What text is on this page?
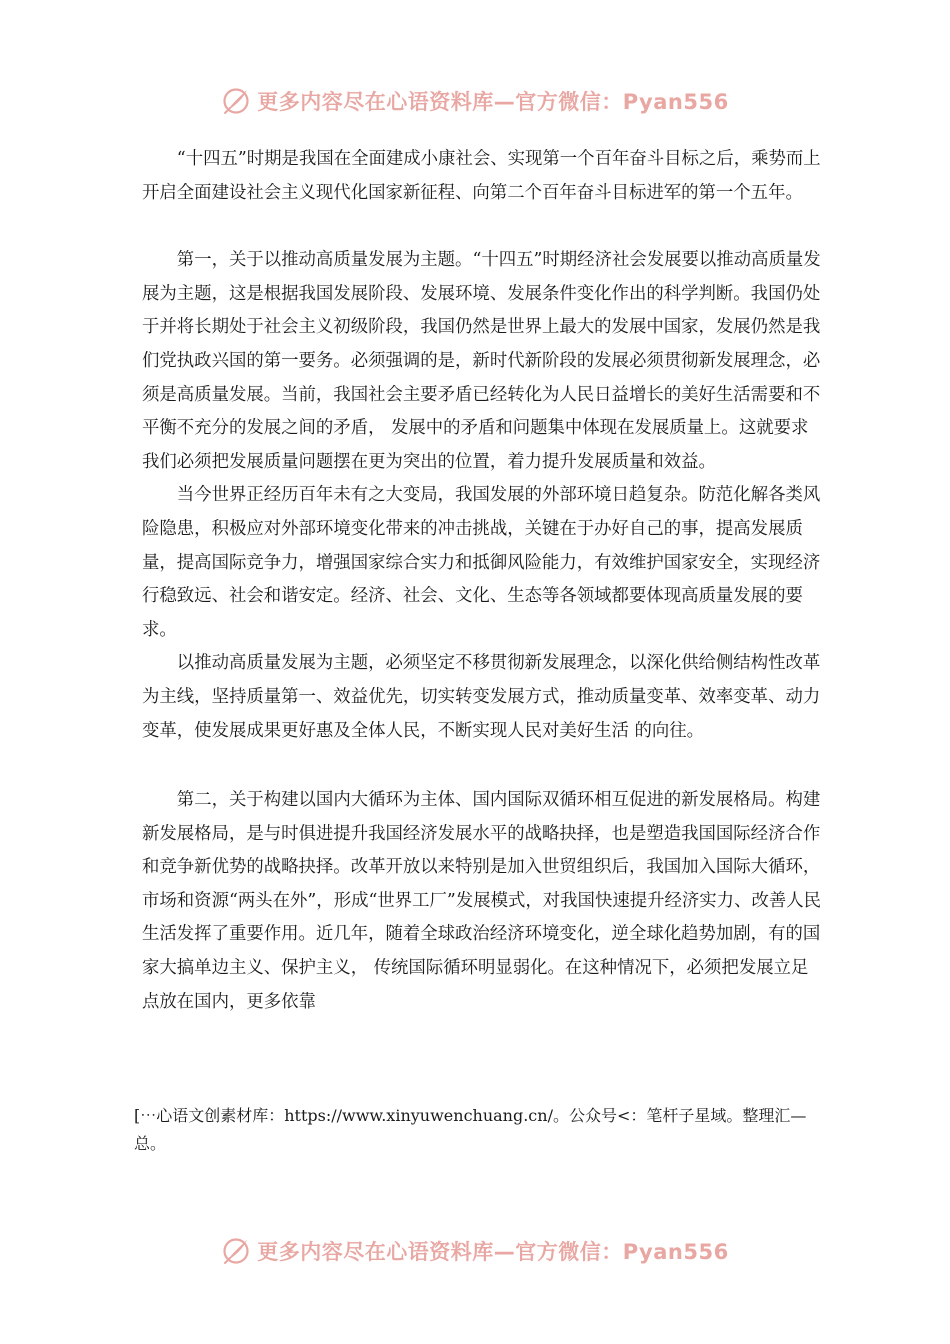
更多内容尽在心语资料库—官方微信：Pyan556

“十四五”时期是我国在全面建成小康社会、实现第一个百年奋斗目标之后，乘势而上开启全面建设社会主义现代化国家新征程、向第二个百年奋斗目标进军的第一个五年。

第一，关于以推动高质量发展为主题。“十四五”时期经济社会发展要以推动高质量发展为主题，这是根据我国发展阶段、发展环境、发展条件变化作出的科学判断。我国仍处于并将长期处于社会主义初级阶段，我国仍然是世界上最大的发展中国家，发展仍然是我们党执政兴国的第一要务。必须强调的是，新时代新阶段的发展必须贯彻新发展理念，必须是高质量发展。当前，我国社会主要矛盾已经转化为人民日益增长的美好生活需要和不平衡不充分的发展之间的矛盾， 发展中的矛盾和问题集中体现在发展质量上。这就要求我们必须把发展质量问题摆在更为突出的位置，着力提升发展质量和效益。

当今世界正经历百年未有之大变局，我国发展的外部环境日趋复杂。防范化解各类风险隐患，积极应对外部环境变化带来的冲击挑战，关键在于办好自己的事，提高发展质量，提高国际竞争力，增强国家综合实力和抵御风险能力，有效维护国家安全，实现经济行稳致远、社会和谐安定。经济、社会、文化、生态等各领域都要体现高质量发展的要求。

以推动高质量发展为主题，必须坚定不移贯彻新发展理念，以深化供给侧结构性改革为主线，坚持质量第一、效益优先，切实转变发展方式，推动质量变革、效率变革、动力变革，使发展成果更好惠及全体人民，不断实现人民对美好生活 的向往。

第二，关于构建以国内大循环为主体、国内国际双循环相互促进的新发展格局。构建新发展格局，是与时俱进提升我国经济发展水平的战略抉择，也是塑造我国国际经济合作和竞争新优势的战略抉择。改革开放以来特别是加入世贸组织后，我国加入国际大循环，市场和资源“两头在外”，形成“世界工厂”发展模式，对我国快速提升经济实力、改善人民生活发挥了重要作用。近几年，随着全球政治经济环境变化，逆全球化趋势加剧，有的国家大搞单边主义、保护主义， 传统国际循环明显弱化。在这种情况下，必须把发展立足点放在国内，更多依靠

[⋯心语文创素材库：https://www.xinyuwenchuang.cn/。公众号<：笔杆子星域。整理汇—总。
更多内容尽在心语资料库—官方微信：Pyan556
